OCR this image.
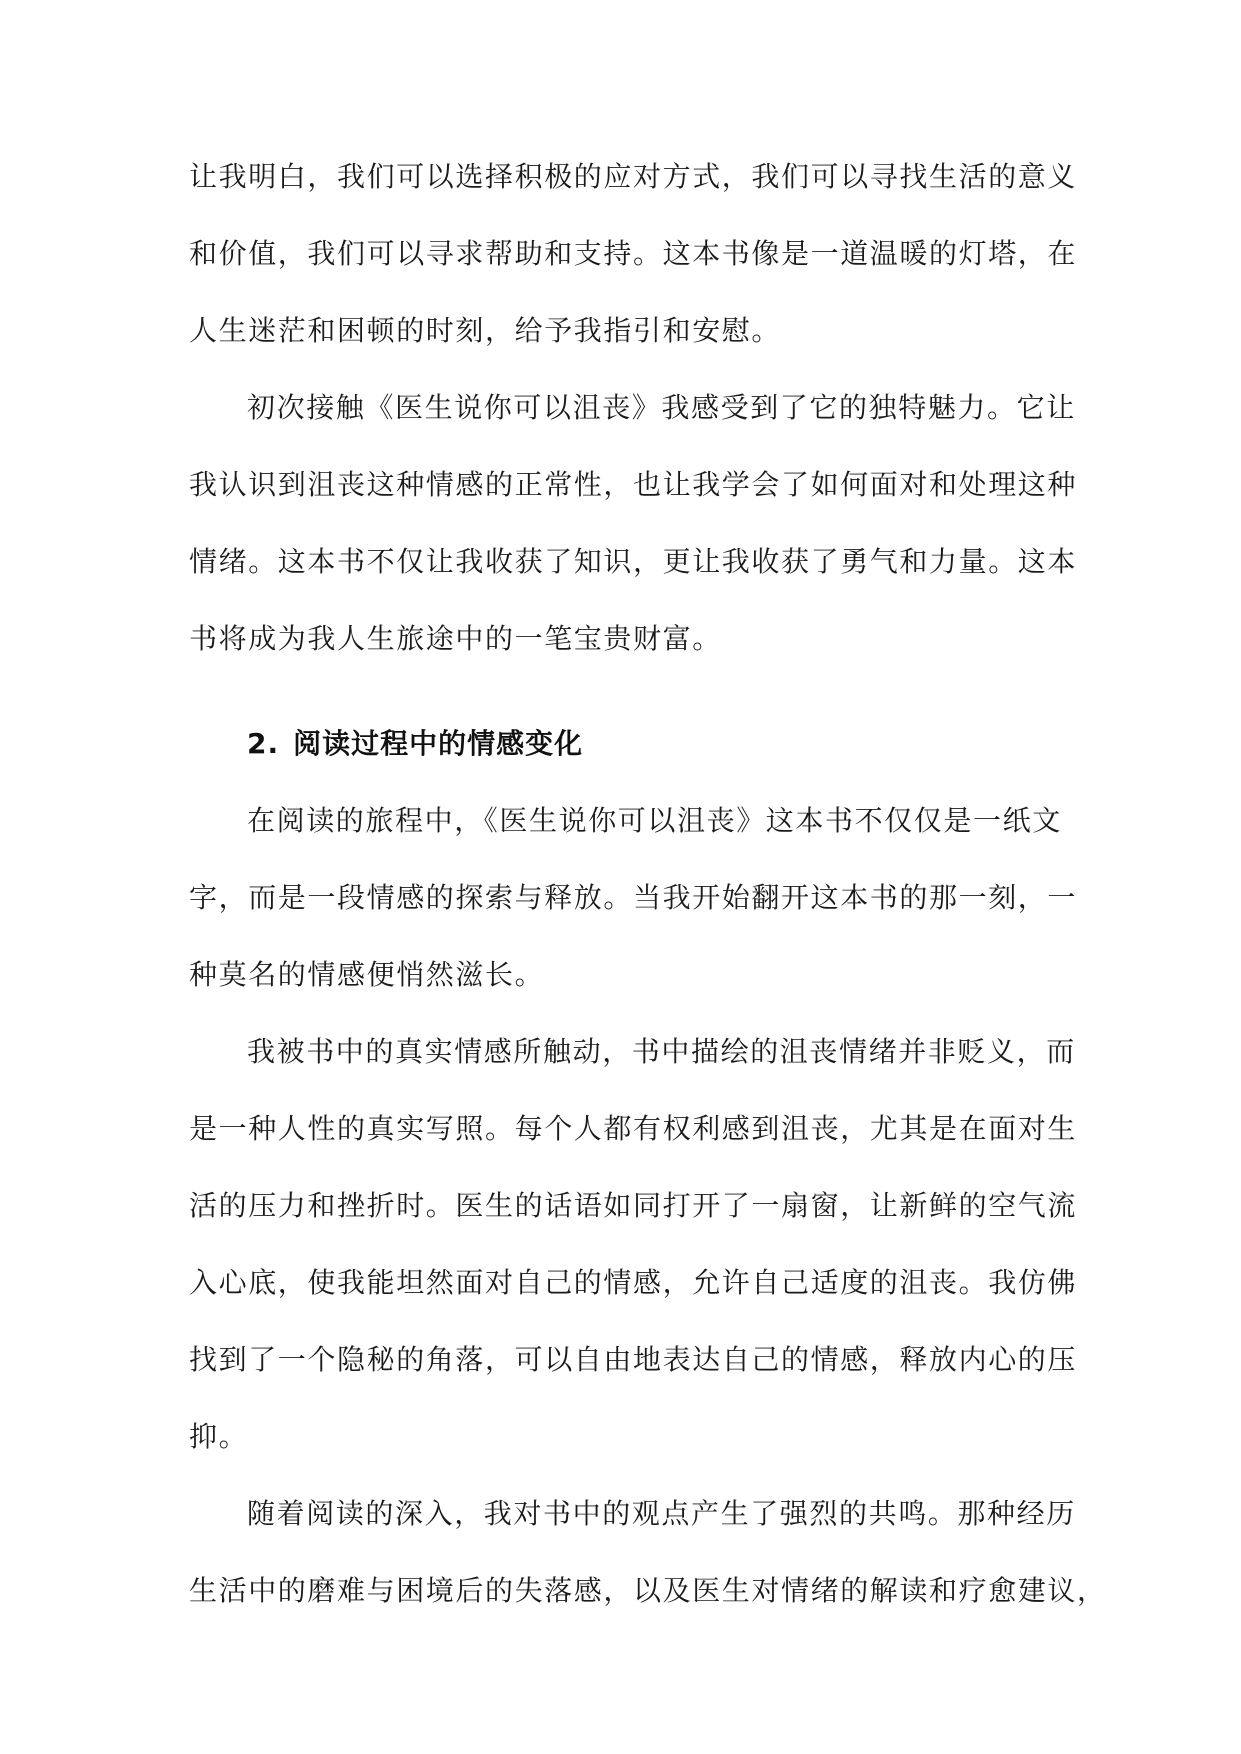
让我明白，我们可以选择积极的应对方式，我们可以寻找生活的意义
和价值，我们可以寻求帮助和支持。这本书像是一道温暖的灯塔，在
人生迷茫和困顿的时刻，给予我指引和安慰。

初次接触《医生说你可以沮丧》我感受到了它的独特魅力。它让
我认识到沮丧这种情感的正常性，也让我学会了如何面对和处理这种
情绪。这本书不仅让我收获了知识，更让我收获了勇气和力量。这本
书将成为我人生旅途中的一笔宝贵财富。

2. 阅读过程中的情感变化

在阅读的旅程中，《医生说你可以沮丧》这本书不仅仅是一纸文
字，而是一段情感的探索与释放。当我开始翻开这本书的那一刻，一
种莫名的情感便悄然滋长。

我被书中的真实情感所触动，书中描绘的沮丧情绪并非贬义，而
是一种人性的真实写照。每个人都有权利感到沮丧，尤其是在面对生
活的压力和挫折时。医生的话语如同打开了一扇窗，让新鲜的空气流
入心底，使我能坦然面对自己的情感，允许自己适度的沮丧。我仿佛
找到了一个隐秘的角落，可以自由地表达自己的情感，释放内心的压
抑。

随着阅读的深入，我对书中的观点产生了强烈的共鸣。那种经历
生活中的磨难与困境后的失落感，以及医生对情绪的解读和疗愈建议，
